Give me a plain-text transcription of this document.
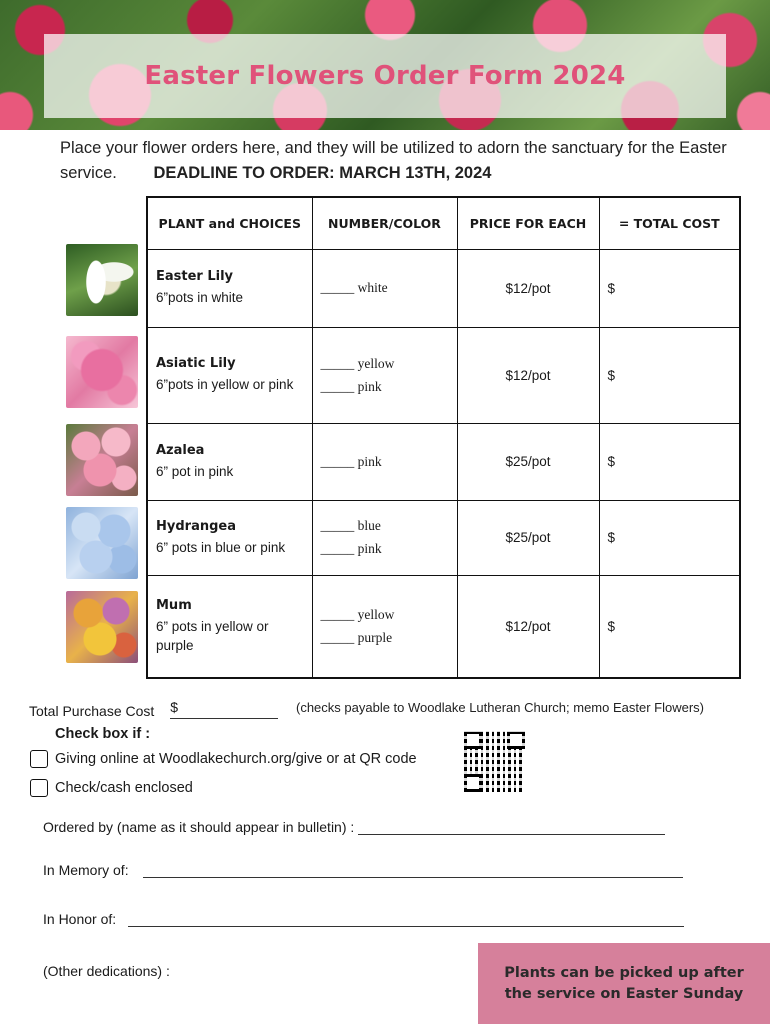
Easter Flowers Order Form 2024

Place your flower orders here, and they will be utilized to adorn the sanctuary for the Easter service. DEADLINE TO ORDER: MARCH 13TH, 2024

PLANT and CHOICES	NUMBER/COLOR	PRICE FOR EACH	= TOTAL COST

Easter Lily
6”pots in white	_____ white	$12/pot	$

Asiatic Lily
6”pots in yellow or pink	_____ yellow
_____ pink	$12/pot	$

Azalea
6” pot in pink	_____ pink	$25/pot	$

Hydrangea
6” pots in blue or pink	_____ blue
_____ pink	$25/pot	$

Mum
6” pots in yellow or purple	_____ yellow
_____ purple	$12/pot	$
Total Purchase Cost $	(checks payable to Woodlake Lutheran Church; memo Easter Flowers)
Check box if :
Giving online at Woodlakechurch.org/give or at QR code
Check/cash enclosed
Ordered by (name as it should appear in bulletin) :
In Memory of:
In Honor of:
(Other dedications) :	Plants can be picked up after the service on Easter Sunday
